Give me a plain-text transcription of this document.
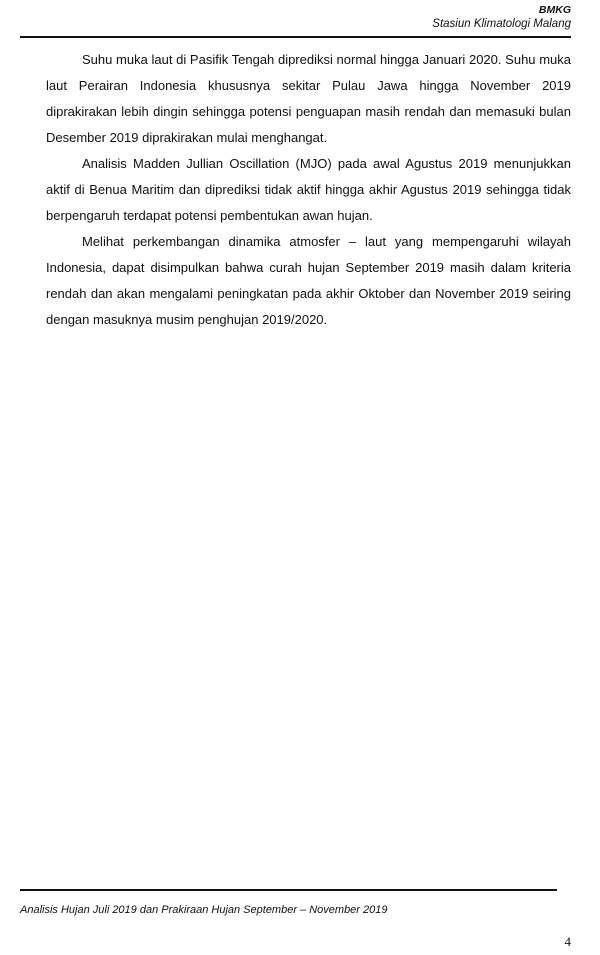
BMKG
Stasiun Klimatologi Malang

Suhu muka laut di Pasifik Tengah diprediksi normal hingga Januari 2020. Suhu muka laut Perairan Indonesia khususnya sekitar Pulau Jawa hingga November 2019 diprakirakan lebih dingin sehingga potensi penguapan masih rendah dan memasuki bulan Desember 2019 diprakirakan mulai menghangat.

Analisis Madden Jullian Oscillation (MJO) pada awal Agustus 2019 menunjukkan aktif di Benua Maritim dan diprediksi tidak aktif hingga akhir Agustus 2019 sehingga tidak berpengaruh terdapat potensi pembentukan awan hujan.

Melihat perkembangan dinamika atmosfer – laut yang mempengaruhi wilayah Indonesia, dapat disimpulkan bahwa curah hujan September 2019 masih dalam kriteria rendah dan akan mengalami peningkatan pada akhir Oktober dan November 2019 seiring dengan masuknya musim penghujan 2019/2020.

Analisis Hujan Juli 2019 dan Prakiraan Hujan September – November 2019
4
